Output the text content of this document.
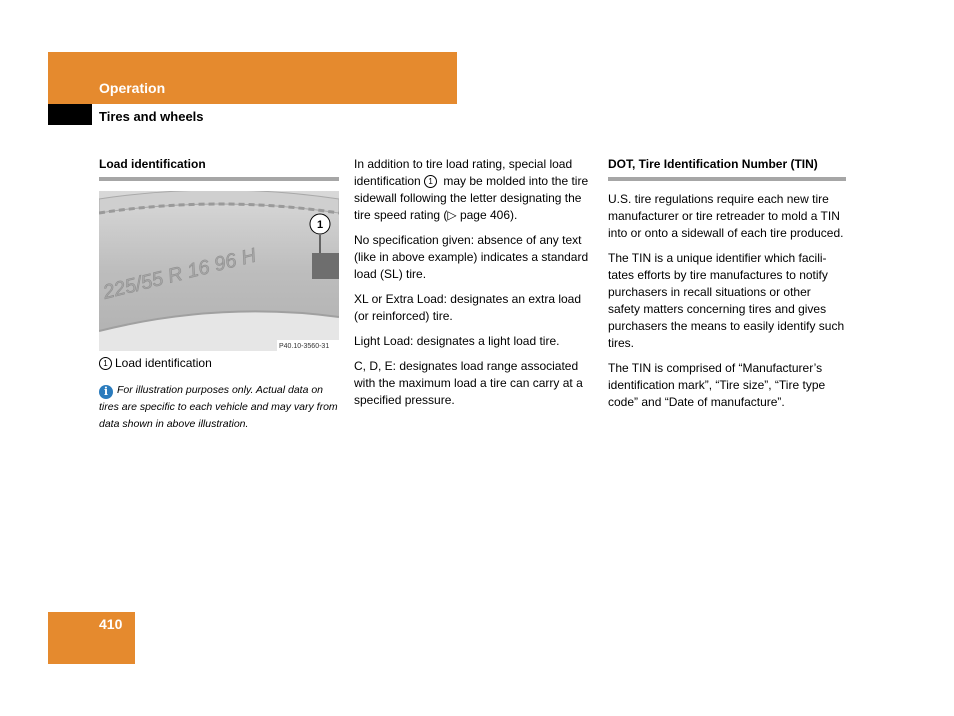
Operation
Tires and wheels
Load identification
225/55 R 16 96 H
1
P40.10-3560-31
1 Load identification
i For illustration purposes only. Actual data on tires are specific to each vehicle and may vary from data shown in above illustration.

In addition to tire load rating, special load identification 1 may be molded into the tire sidewall following the letter designating the tire speed rating (▷ page 406).

No specification given: absence of any text (like in above example) indicates a standard load (SL) tire.

XL or Extra Load: designates an extra load (or reinforced) tire.

Light Load: designates a light load tire.

C, D, E: designates load range associated with the maximum load a tire can carry at a specified pressure.

DOT, Tire Identification Number (TIN)

U.S. tire regulations require each new tire manufacturer or tire retreader to mold a TIN into or onto a sidewall of each tire produced.

The TIN is a unique identifier which facilitates efforts by tire manufactures to notify purchasers in recall situations or other safety matters concerning tires and gives purchasers the means to easily identify such tires.

The TIN is comprised of “Manufacturer’s identification mark”, “Tire size”, “Tire type code” and “Date of manufacture”.

410
